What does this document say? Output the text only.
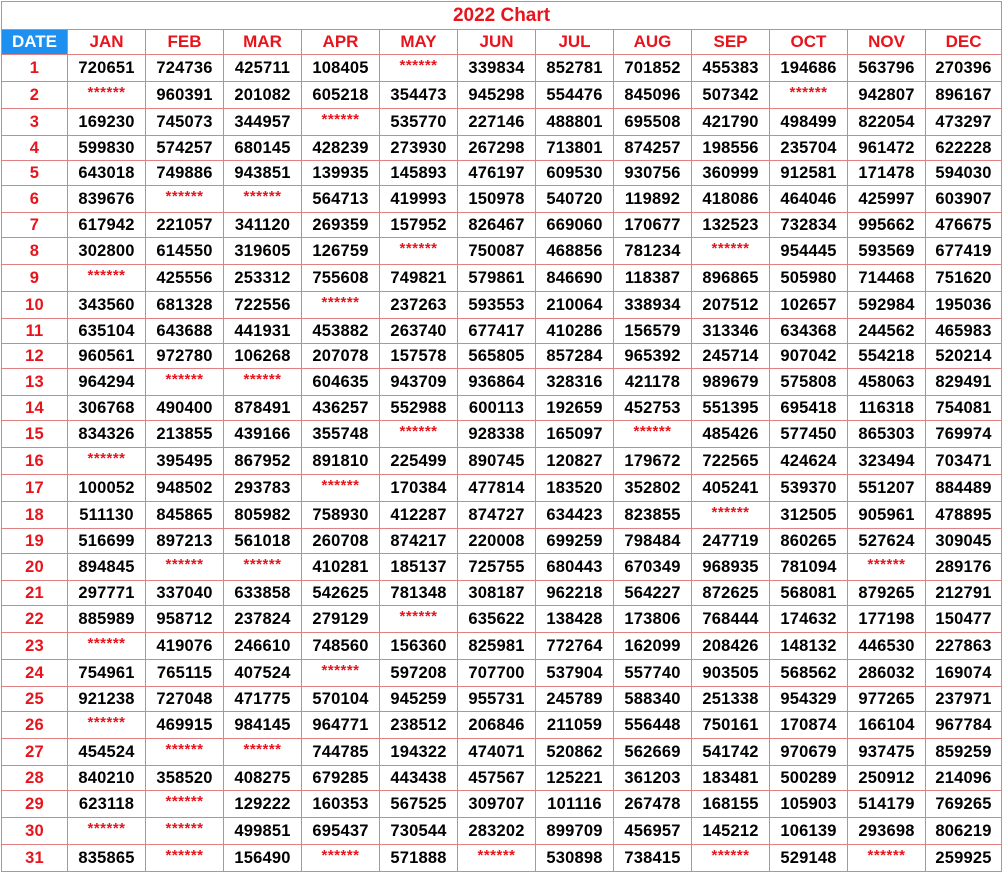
2022 Chart												
DATE	JAN	FEB	MAR	APR	MAY	JUN	JUL	AUG	SEP	OCT	NOV	DEC
1	720651	724736	425711	108405	******	339834	852781	701852	455383	194686	563796	270396
2	******	960391	201082	605218	354473	945298	554476	845096	507342	******	942807	896167
3	169230	745073	344957	******	535770	227146	488801	695508	421790	498499	822054	473297
4	599830	574257	680145	428239	273930	267298	713801	874257	198556	235704	961472	622228
5	643018	749886	943851	139935	145893	476197	609530	930756	360999	912581	171478	594030
6	839676	******	******	564713	419993	150978	540720	119892	418086	464046	425997	603907
7	617942	221057	341120	269359	157952	826467	669060	170677	132523	732834	995662	476675
8	302800	614550	319605	126759	******	750087	468856	781234	******	954445	593569	677419
9	******	425556	253312	755608	749821	579861	846690	118387	896865	505980	714468	751620
10	343560	681328	722556	******	237263	593553	210064	338934	207512	102657	592984	195036
11	635104	643688	441931	453882	263740	677417	410286	156579	313346	634368	244562	465983
12	960561	972780	106268	207078	157578	565805	857284	965392	245714	907042	554218	520214
13	964294	******	******	604635	943709	936864	328316	421178	989679	575808	458063	829491
14	306768	490400	878491	436257	552988	600113	192659	452753	551395	695418	116318	754081
15	834326	213855	439166	355748	******	928338	165097	******	485426	577450	865303	769974
16	******	395495	867952	891810	225499	890745	120827	179672	722565	424624	323494	703471
17	100052	948502	293783	******	170384	477814	183520	352802	405241	539370	551207	884489
18	511130	845865	805982	758930	412287	874727	634423	823855	******	312505	905961	478895
19	516699	897213	561018	260708	874217	220008	699259	798484	247719	860265	527624	309045
20	894845	******	******	410281	185137	725755	680443	670349	968935	781094	******	289176
21	297771	337040	633858	542625	781348	308187	962218	564227	872625	568081	879265	212791
22	885989	958712	237824	279129	******	635622	138428	173806	768444	174632	177198	150477
23	******	419076	246610	748560	156360	825981	772764	162099	208426	148132	446530	227863
24	754961	765115	407524	******	597208	707700	537904	557740	903505	568562	286032	169074
25	921238	727048	471775	570104	945259	955731	245789	588340	251338	954329	977265	237971
26	******	469915	984145	964771	238512	206846	211059	556448	750161	170874	166104	967784
27	454524	******	******	744785	194322	474071	520862	562669	541742	970679	937475	859259
28	840210	358520	408275	679285	443438	457567	125221	361203	183481	500289	250912	214096
29	623118	******	129222	160353	567525	309707	101116	267478	168155	105903	514179	769265
30	******	******	499851	695437	730544	283202	899709	456957	145212	106139	293698	806219
31	835865	******	156490	******	571888	******	530898	738415	******	529148	******	259925
